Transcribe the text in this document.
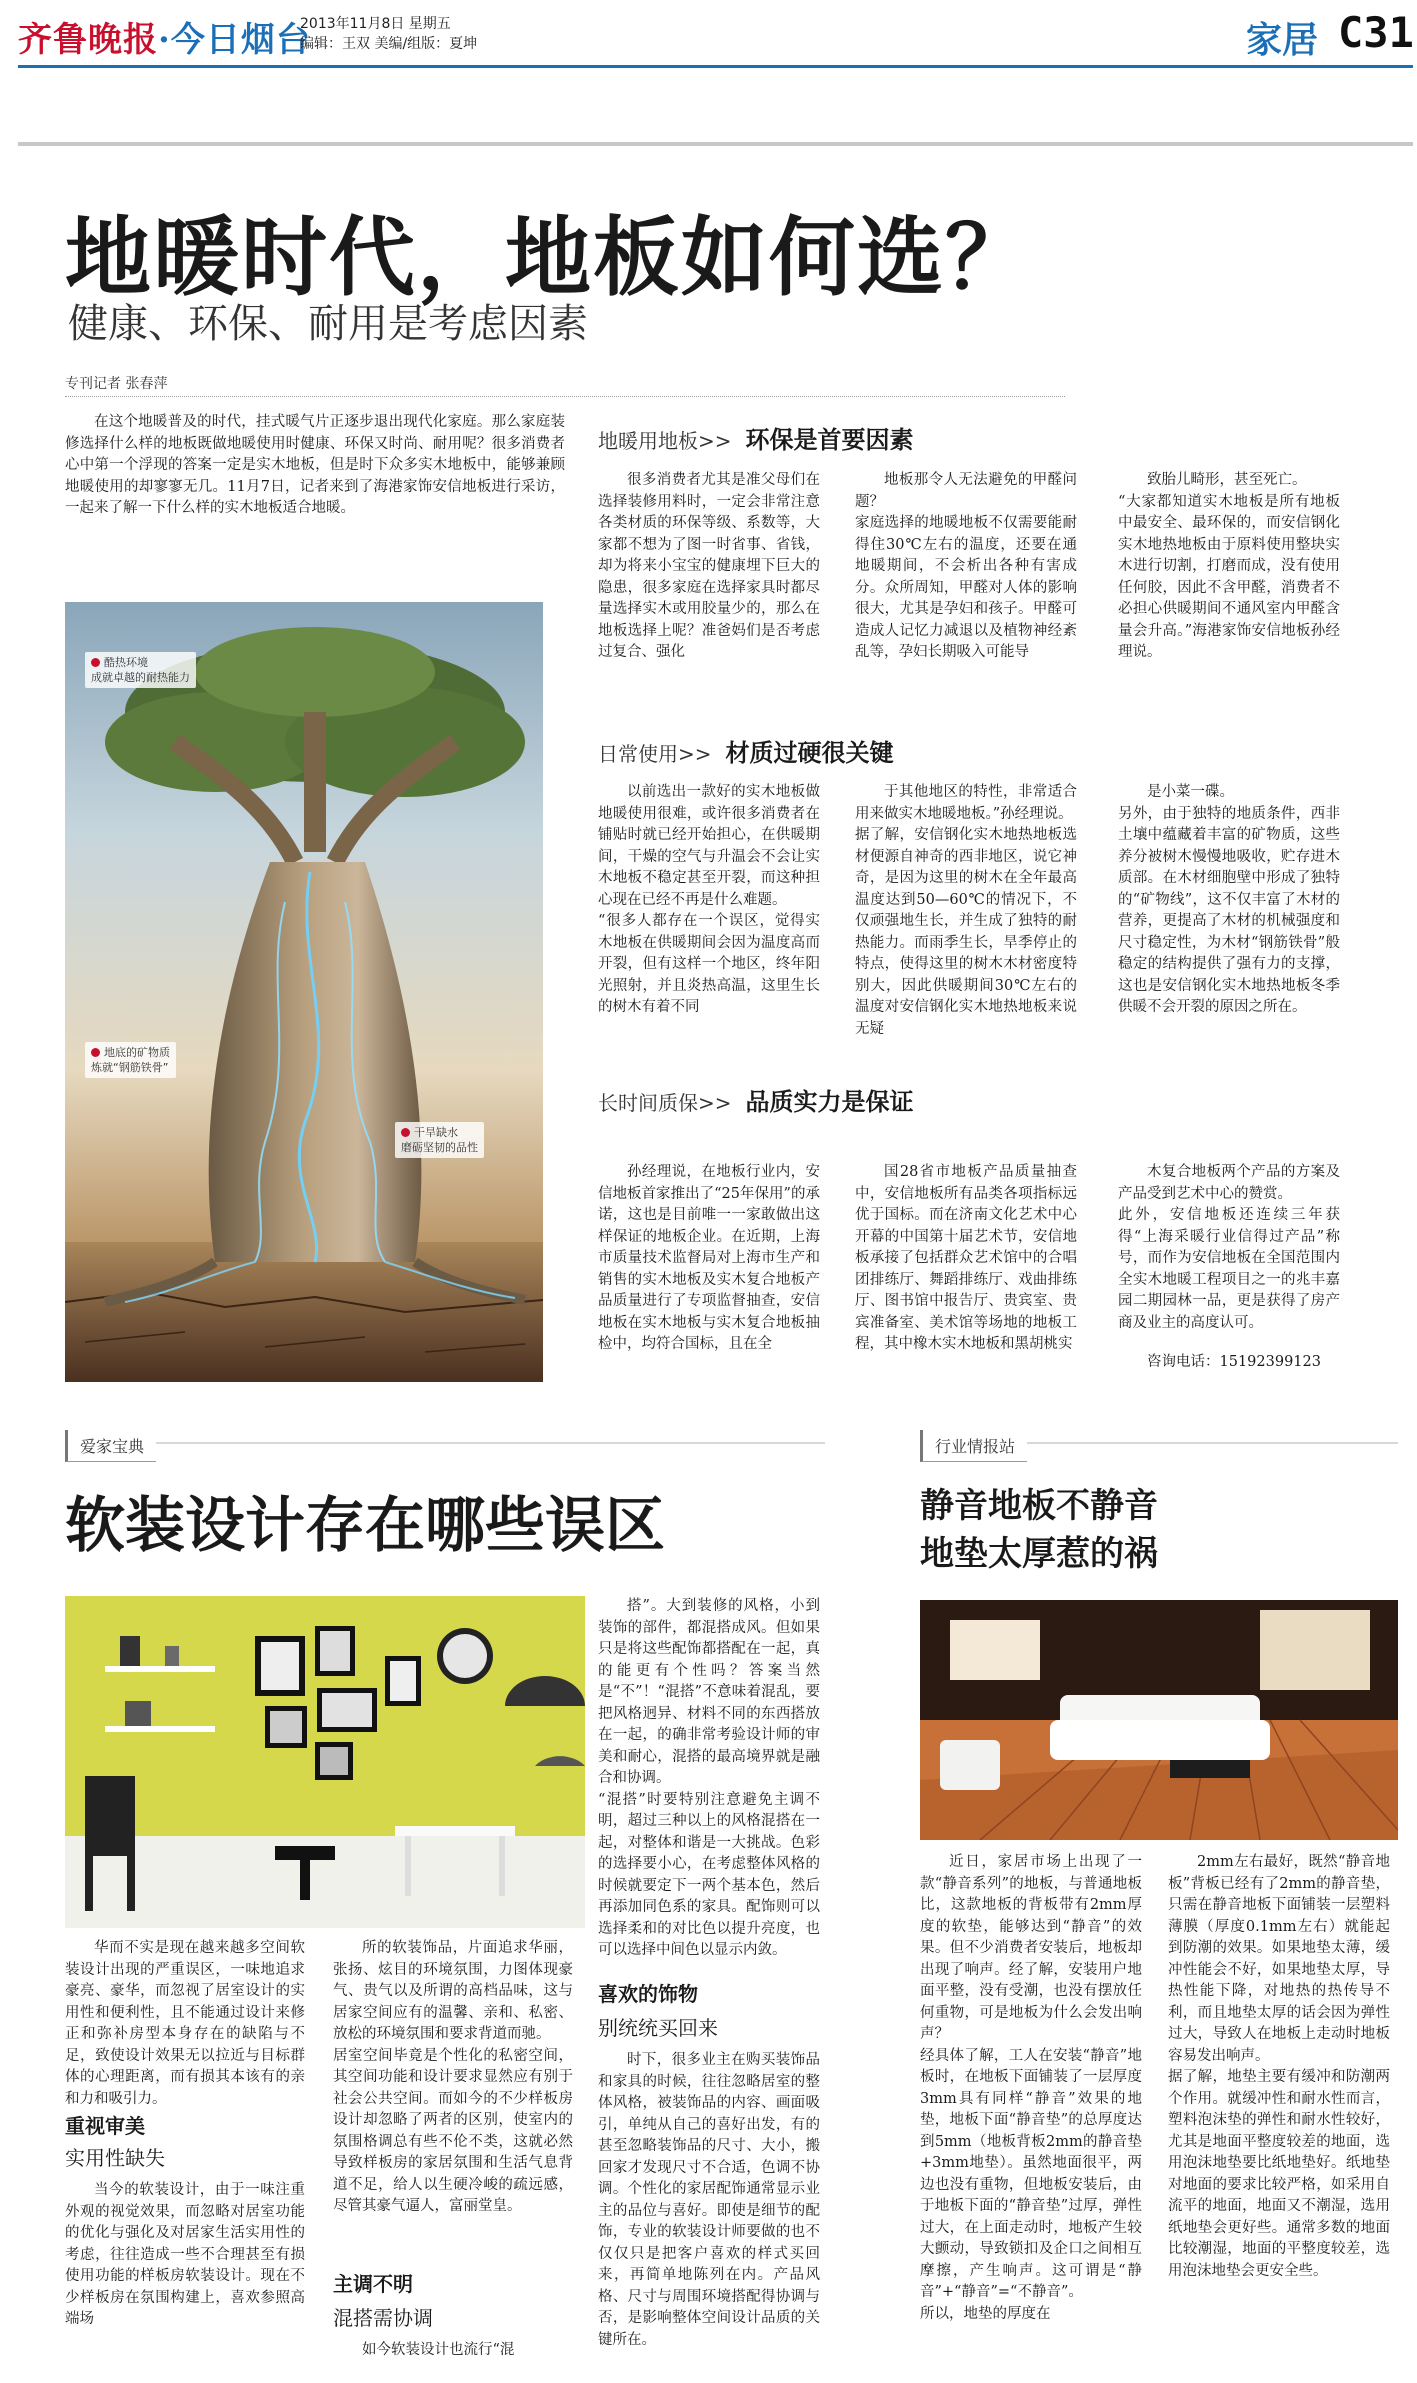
齐鲁晚报·今日烟台
2013年11月8日 星期五
编辑：王双 美编/组版：夏坤	家居 C31
地暖时代，地板如何选？
健康、环保、耐用是考虑因素
专刊记者 张春萍
在这个地暖普及的时代，挂式暖气片正逐步退出现代化家庭。那么家庭装修选择什么样的地板既做地暖使用时健康、环保又时尚、耐用呢？很多消费者心中第一个浮现的答案一定是实木地板，但是时下众多实木地板中，能够兼顾地暖使用的却寥寥无几。11月7日，记者来到了海港家饰安信地板进行采访，一起来了解一下什么样的实木地板适合地暖。
酷热环境
成就卓越的耐热能力
地底的矿物质
炼就“钢筋铁骨”
干旱缺水
磨砺坚韧的品性
地暖用地板>> 环保是首要因素
很多消费者尤其是准父母们在选择装修用料时，一定会非常注意各类材质的环保等级、系数等，大家都不想为了图一时省事、省钱，却为将来小宝宝的健康埋下巨大的隐患，很多家庭在选择家具时都尽量选择实木或用胶量少的，那么在地板选择上呢？准爸妈们是否考虑过复合、强化
地板那令人无法避免的甲醛问题？
家庭选择的地暖地板不仅需要能耐得住30℃左右的温度，还要在通地暖期间，不会析出各种有害成分。众所周知，甲醛对人体的影响很大，尤其是孕妇和孩子。甲醛可造成人记忆力减退以及植物神经紊乱等，孕妇长期吸入可能导
致胎儿畸形，甚至死亡。
“大家都知道实木地板是所有地板中最安全、最环保的，而安信钢化实木地热地板由于原料使用整块实木进行切割，打磨而成，没有使用任何胶，因此不含甲醛，消费者不必担心供暖期间不通风室内甲醛含量会升高。”海港家饰安信地板孙经理说。
日常使用>> 材质过硬很关键
以前选出一款好的实木地板做地暖使用很难，或许很多消费者在铺贴时就已经开始担心，在供暖期间，干燥的空气与升温会不会让实木地板不稳定甚至开裂，而这种担心现在已经不再是什么难题。
“很多人都存在一个误区，觉得实木地板在供暖期间会因为温度高而开裂，但有这样一个地区，终年阳光照射，并且炎热高温，这里生长的树木有着不同
于其他地区的特性，非常适合用来做实木地暖地板。”孙经理说。
据了解，安信钢化实木地热地板选材便源自神奇的西非地区，说它神奇，是因为这里的树木在全年最高温度达到50—60℃的情况下，不仅顽强地生长，并生成了独特的耐热能力。而雨季生长，旱季停止的特点，使得这里的树木木材密度特别大，因此供暖期间30℃左右的温度对安信钢化实木地热地板来说无疑
是小菜一碟。
另外，由于独特的地质条件，西非土壤中蕴藏着丰富的矿物质，这些养分被树木慢慢地吸收，贮存进木质部。在木材细胞壁中形成了独特的“矿物线”，这不仅丰富了木材的营养，更提高了木材的机械强度和尺寸稳定性，为木材“钢筋铁骨”般稳定的结构提供了强有力的支撑，这也是安信钢化实木地热地板冬季供暖不会开裂的原因之所在。
长时间质保>> 品质实力是保证
孙经理说，在地板行业内，安信地板首家推出了“25年保用”的承诺，这也是目前唯一一家敢做出这样保证的地板企业。在近期，上海市质量技术监督局对上海市生产和销售的实木地板及实木复合地板产品质量进行了专项监督抽查，安信地板在实木地板与实木复合地板抽检中，均符合国标，且在全
国28省市地板产品质量抽查中，安信地板所有品类各项指标远优于国标。而在济南文化艺术中心开幕的中国第十届艺术节，安信地板承接了包括群众艺术馆中的合唱团排练厅、舞蹈排练厅、戏曲排练厅、图书馆中报告厅、贵宾室、贵宾准备室、美术馆等场地的地板工程，其中橡木实木地板和黑胡桃实
木复合地板两个产品的方案及产品受到艺术中心的赞赏。
此外，安信地板还连续三年获得“上海采暖行业信得过产品”称号，而作为安信地板在全国范围内全实木地暖工程项目之一的兆丰嘉园二期园林一品，更是获得了房产商及业主的高度认可。
咨询电话：15192399123
爱家宝典
软装设计存在哪些误区
搭”。大到装修的风格，小到装饰的部件，都混搭成风。但如果只是将这些配饰都搭配在一起，真的能更有个性吗？答案当然是“不”！“混搭”不意味着混乱，要把风格迥异、材料不同的东西搭放在一起，的确非常考验设计师的审美和耐心，混搭的最高境界就是融合和协调。
“混搭”时要特别注意避免主调不明，超过三种以上的风格混搭在一起，对整体和谐是一大挑战。色彩的选择要小心，在考虑整体风格的时候就要定下一两个基本色，然后再添加同色系的家具。配饰则可以选择柔和的对比色以提升亮度，也可以选择中间色以显示内敛。
华而不实是现在越来越多空间软装设计出现的严重误区，一味地追求豪亮、豪华，而忽视了居室设计的实用性和便利性，且不能通过设计来修正和弥补房型本身存在的缺陷与不足，致使设计效果无以拉近与目标群体的心理距离，而有损其本该有的亲和力和吸引力。
重视审美
实用性缺失
当今的软装设计，由于一味注重外观的视觉效果，而忽略对居室功能的优化与强化及对居家生活实用性的考虑，往往造成一些不合理甚至有损使用功能的样板房软装设计。现在不少样板房在氛围构建上，喜欢参照高端场
所的软装饰品，片面追求华丽，张扬、炫目的环境氛围，力图体现豪气、贵气以及所谓的高档品味，这与居家空间应有的温馨、亲和、私密、放松的环境氛围和要求背道而驰。
居室空间毕竟是个性化的私密空间，其空间功能和设计要求显然应有别于社会公共空间。而如今的不少样板房设计却忽略了两者的区别，使室内的氛围格调总有些不伦不类，这就必然导致样板房的家居氛围和生活气息背道不足，给人以生硬冷峻的疏远感，尽管其豪气逼人，富丽堂皇。
主调不明
混搭需协调
如今软装设计也流行“混
喜欢的饰物
别统统买回来
时下，很多业主在购买装饰品和家具的时候，往往忽略居室的整体风格，被装饰品的内容、画面吸引，单纯从自己的喜好出发，有的甚至忽略装饰品的尺寸、大小，搬回家才发现尺寸不合适，色调不协调。个性化的家居配饰通常显示业主的品位与喜好。即使是细节的配饰，专业的软装设计师要做的也不仅仅只是把客户喜欢的样式买回来，再简单地陈列在内。产品风格、尺寸与周围环境搭配得协调与否，是影响整体空间设计品质的关键所在。
行业情报站
静音地板不静音
地垫太厚惹的祸
近日，家居市场上出现了一款“静音系列”的地板，与普通地板比，这款地板的背板带有2mm厚度的软垫，能够达到“静音”的效果。但不少消费者安装后，地板却出现了响声。经了解，安装用户地面平整，没有受潮，也没有摆放任何重物，可是地板为什么会发出响声？
经具体了解，工人在安装“静音”地板时，在地板下面铺装了一层厚度3mm具有同样“静音”效果的地垫，地板下面“静音垫”的总厚度达到5mm（地板背板2mm的静音垫+3mm地垫）。虽然地面很平，两边也没有重物，但地板安装后，由于地板下面的“静音垫”过厚，弹性过大，在上面走动时，地板产生较大颤动，导致锁扣及企口之间相互摩擦，产生响声。这可谓是“静音”+“静音”=“不静音”。
所以，地垫的厚度在
2mm左右最好，既然“静音地板”背板已经有了2mm的静音垫，只需在静音地板下面铺装一层塑料薄膜（厚度0.1mm左右）就能起到防潮的效果。如果地垫太薄，缓冲性能会不好，如果地垫太厚，导热性能下降，对地热的热传导不利，而且地垫太厚的话会因为弹性过大，导致人在地板上走动时地板容易发出响声。
据了解，地垫主要有缓冲和防潮两个作用。就缓冲性和耐水性而言，塑料泡沫垫的弹性和耐水性较好，尤其是地面平整度较差的地面，选用泡沫地垫要比纸地垫好。纸地垫对地面的要求比较严格，如采用自流平的地面，地面又不潮湿，选用纸地垫会更好些。通常多数的地面比较潮湿，地面的平整度较差，选用泡沫地垫会更安全些。
